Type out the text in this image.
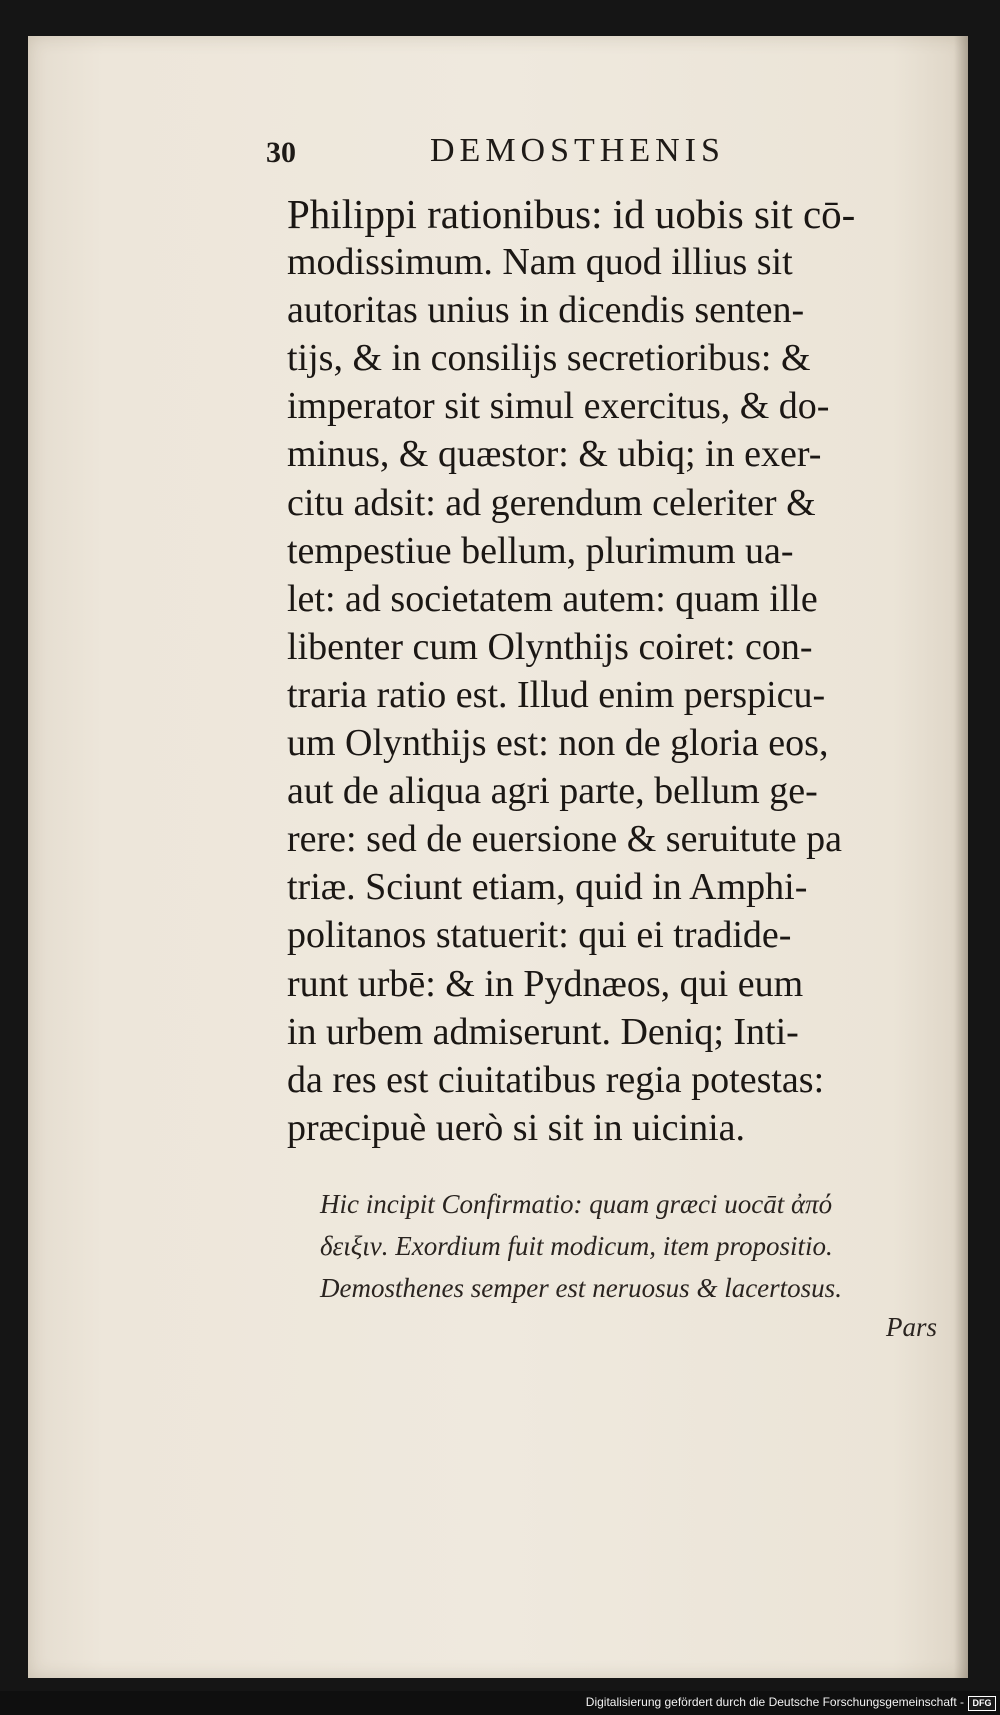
30	DEMOSTHENIS
Philippi rationibus: id uobis sit cō-
modissimum. Nam quod illius sit
autoritas unius in dicendis senten-
tijs, & in consilijs secretioribus: &
imperator sit simul exercitus, & do-
minus, & quæstor: & ubiq; in exer-
citu adsit: ad gerendum celeriter &
tempestiue bellum, plurimum ua-
let: ad societatem autem: quam ille
libenter cum Olynthijs coiret: con-
traria ratio est. Illud enim perspicu-
um Olynthijs est: non de gloria eos,
aut de aliqua agri parte, bellum ge-
rere: sed de euersione & seruitute pa
triæ. Sciunt etiam, quid in Amphi-
politanos statuerit: qui ei tradide-
runt urbē: & in Pydnæos, qui eum
in urbem admiserunt. Deniq; Inti-
da res est ciuitatibus regia potestas:
præcipuè uerò si sit in uicinia.
Hic incipit Confirmatio: quam græci uocāt ἀπό
δειξιν. Exordium fuit modicum, item propositio.
Demosthenes semper est neruosus & lacertosus.
Pars
Digitalisierung gefördert durch die Deutsche Forschungsgemeinschaft - DFG
